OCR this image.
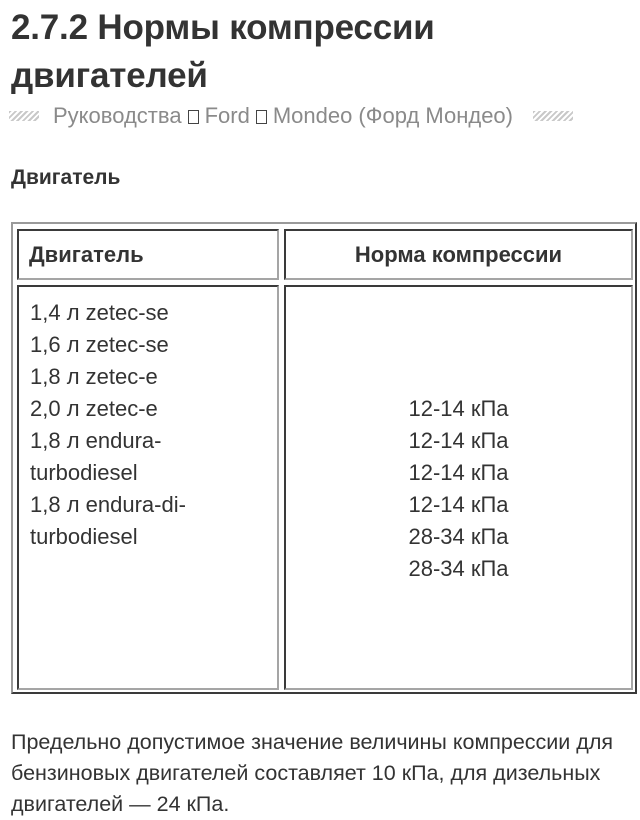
2.7.2 Нормы компрессии двигателей
Руководства Ford Mondeo (Форд Мондео)
Двигатель
Двигатель	Норма компрессии
1,4 л zetec-se
1,6 л zetec-se
1,8 л zetec-e
2,0 л zetec-e
1,8 л endura-turbodiesel
1,8 л endura-di-turbodiesel
12-14 кПа
12-14 кПа
12-14 кПа
12-14 кПа
28-34 кПа
28-34 кПа

Предельно допустимое значение величины компрессии для бензиновых двигателей составляет 10 кПа, для дизельных двигателей — 24 кПа.
